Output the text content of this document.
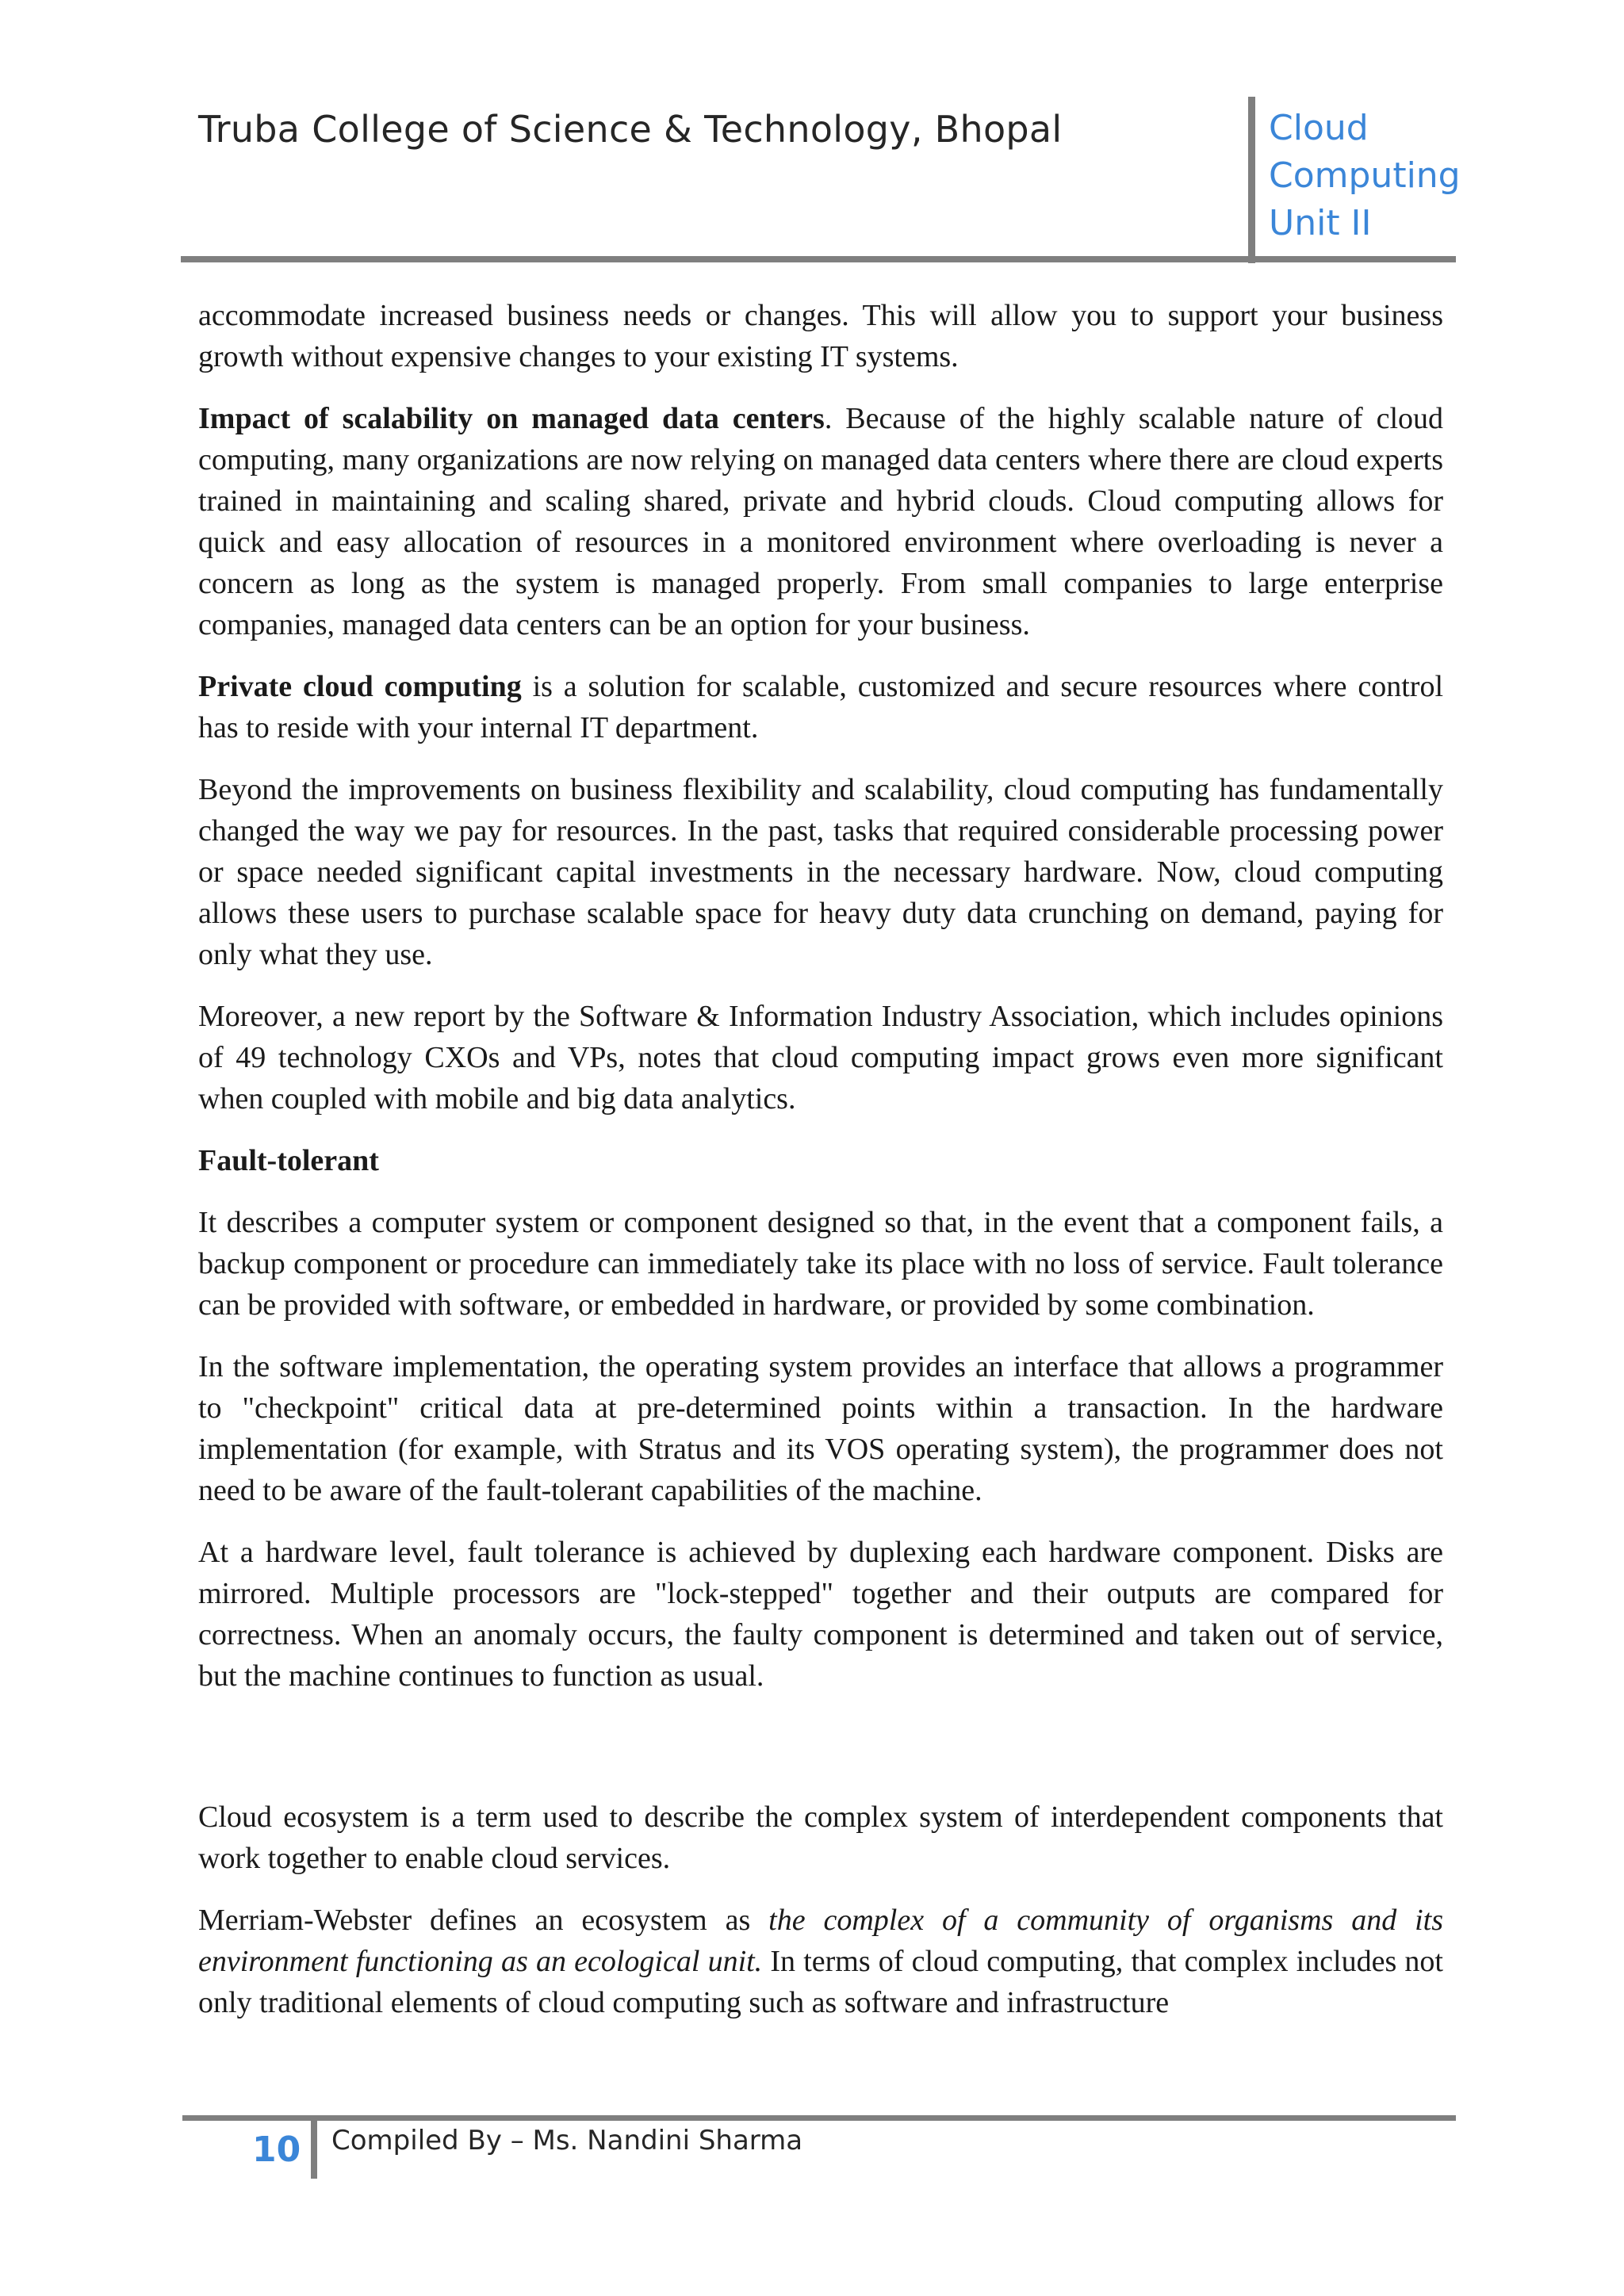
Truba College of Science & Technology, Bhopal	Cloud
Computing
Unit II

accommodate increased business needs or changes. This will allow you to support your business growth without expensive changes to your existing IT systems.

Impact of scalability on managed data centers. Because of the highly scalable nature of cloud computing, many organizations are now relying on managed data centers where there are cloud experts trained in maintaining and scaling shared, private and hybrid clouds. Cloud computing allows for quick and easy allocation of resources in a monitored environment where overloading is never a concern as long as the system is managed properly. From small companies to large enterprise companies, managed data centers can be an option for your business.

Private cloud computing is a solution for scalable, customized and secure resources where control has to reside with your internal IT department.

Beyond the improvements on business flexibility and scalability, cloud computing has fundamentally changed the way we pay for resources. In the past, tasks that required considerable processing power or space needed significant capital investments in the necessary hardware. Now, cloud computing allows these users to purchase scalable space for heavy duty data crunching on demand, paying for only what they use.

Moreover, a new report by the Software & Information Industry Association, which includes opinions of 49 technology CXOs and VPs, notes that cloud computing impact grows even more significant when coupled with mobile and big data analytics.

Fault-tolerant

It describes a computer system or component designed so that, in the event that a component fails, a backup component or procedure can immediately take its place with no loss of service. Fault tolerance can be provided with software, or embedded in hardware, or provided by some combination.

In the software implementation, the operating system provides an interface that allows a programmer to "checkpoint" critical data at pre-determined points within a transaction. In the hardware implementation (for example, with Stratus and its VOS operating system), the programmer does not need to be aware of the fault-tolerant capabilities of the machine.

At a hardware level, fault tolerance is achieved by duplexing each hardware component. Disks are mirrored. Multiple processors are "lock-stepped" together and their outputs are compared for correctness. When an anomaly occurs, the faulty component is determined and taken out of service, but the machine continues to function as usual.

Cloud ecosystem is a term used to describe the complex system of interdependent components that work together to enable cloud services.

Merriam-Webster defines an ecosystem as the complex of a community of organisms and its environment functioning as an ecological unit. In terms of cloud computing, that complex includes not only traditional elements of cloud computing such as software and infrastructure

10 Compiled By – Ms. Nandini Sharma
